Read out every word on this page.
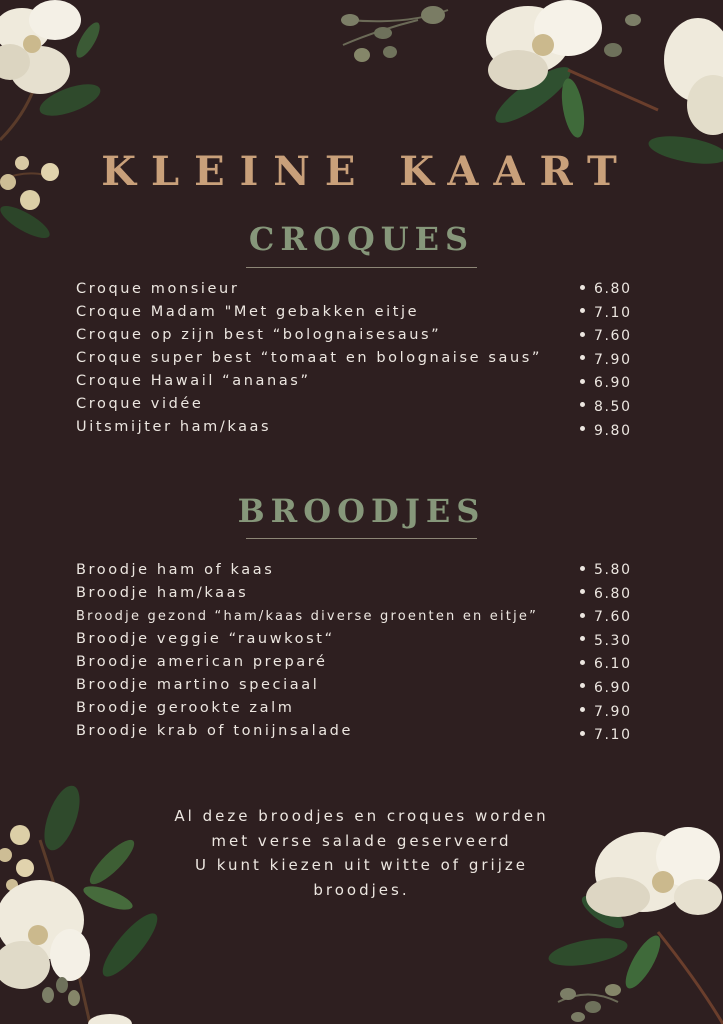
KLEINE KAART
CROQUES
Croque monsieur
Croque Madam "Met gebakken eitje
Croque op zijn best “bolognaisesaus”
Croque super best “tomaat en bolognaise saus”
Croque Hawail “ananas”
Croque vidée
Uitsmijter ham/kaas
6.80
7.10
7.60
7.90
6.90
8.50
9.80
BROODJES
Broodje ham of kaas
Broodje ham/kaas
Broodje gezond “ham/kaas diverse groenten en eitje”
Broodje veggie “rauwkost“
Broodje american preparé
Broodje martino speciaal
Broodje gerookte zalm
Broodje krab of tonijnsalade
5.80
6.80
7.60
5.30
6.10
6.90
7.90
7.10
Al deze broodjes en croques worden
met verse salade geserveerd
U kunt kiezen uit witte of grijze
broodjes.
